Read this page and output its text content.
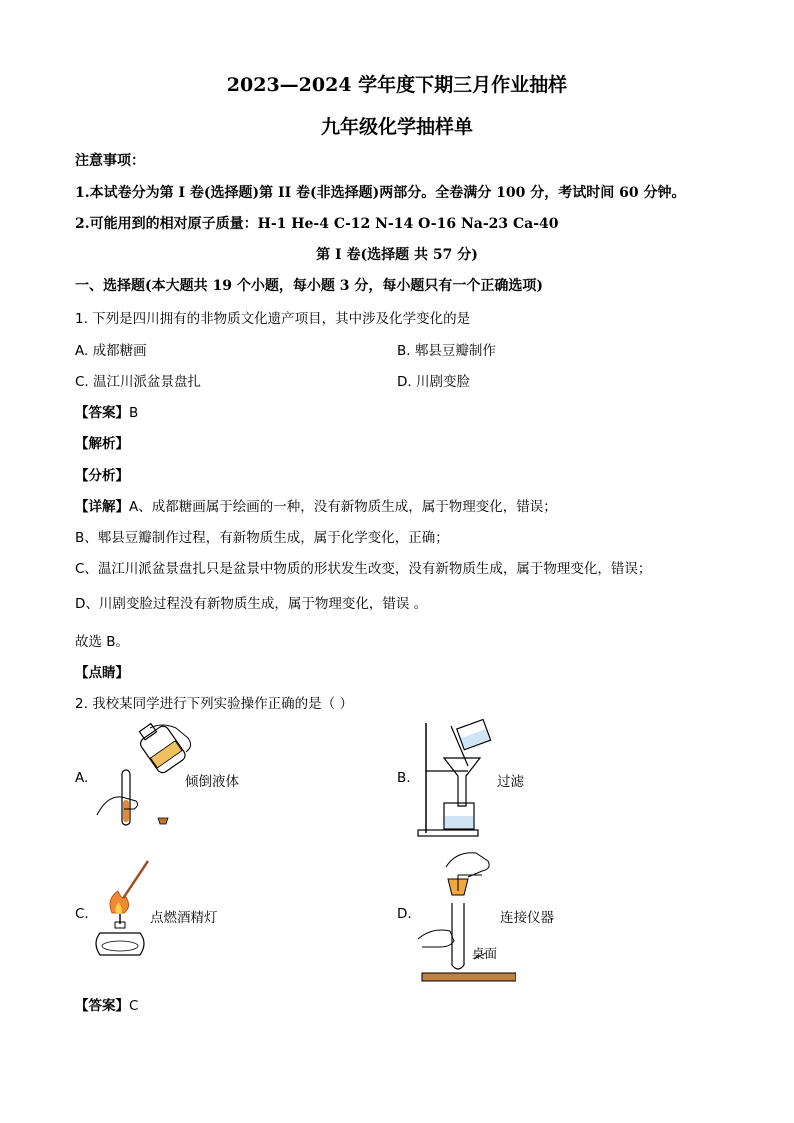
2023—2024 学年度下期三月作业抽样
九年级化学抽样单
注意事项：
1.本试卷分为第 I 卷(选择题)第 II 卷(非选择题)两部分。全卷满分 100 分，考试时间 60 分钟。
2.可能用到的相对原子质量：H-1 He-4 C-12 N-14 O-16 Na-23 Ca-40
第 I 卷(选择题 共 57 分)
一、选择题(本大题共 19 个小题，每小题 3 分，每小题只有一个正确选项)
1. 下列是四川拥有的非物质文化遗产项目，其中涉及化学变化的是
A. 成都糖画	B. 郫县豆瓣制作
C. 温江川派盆景盘扎	D. 川剧变脸
【答案】B
【解析】
【分析】
【详解】A、成都糖画属于绘画的一种，没有新物质生成，属于物理变化，错误；
B、郫县豆瓣制作过程，有新物质生成，属于化学变化，正确；
C、温江川派盆景盘扎只是盆景中物质的形状发生改变，没有新物质生成，属于物理变化，错误；
D、川剧变脸过程没有新物质生成，属于物理变化，错误 。
故选 B。
【点睛】
2. 我校某同学进行下列实验操作正确的是（ ）
A.	倾倒液体	B.	过滤
C.	点燃酒精灯	D.	连接仪器
桌面
【答案】C
